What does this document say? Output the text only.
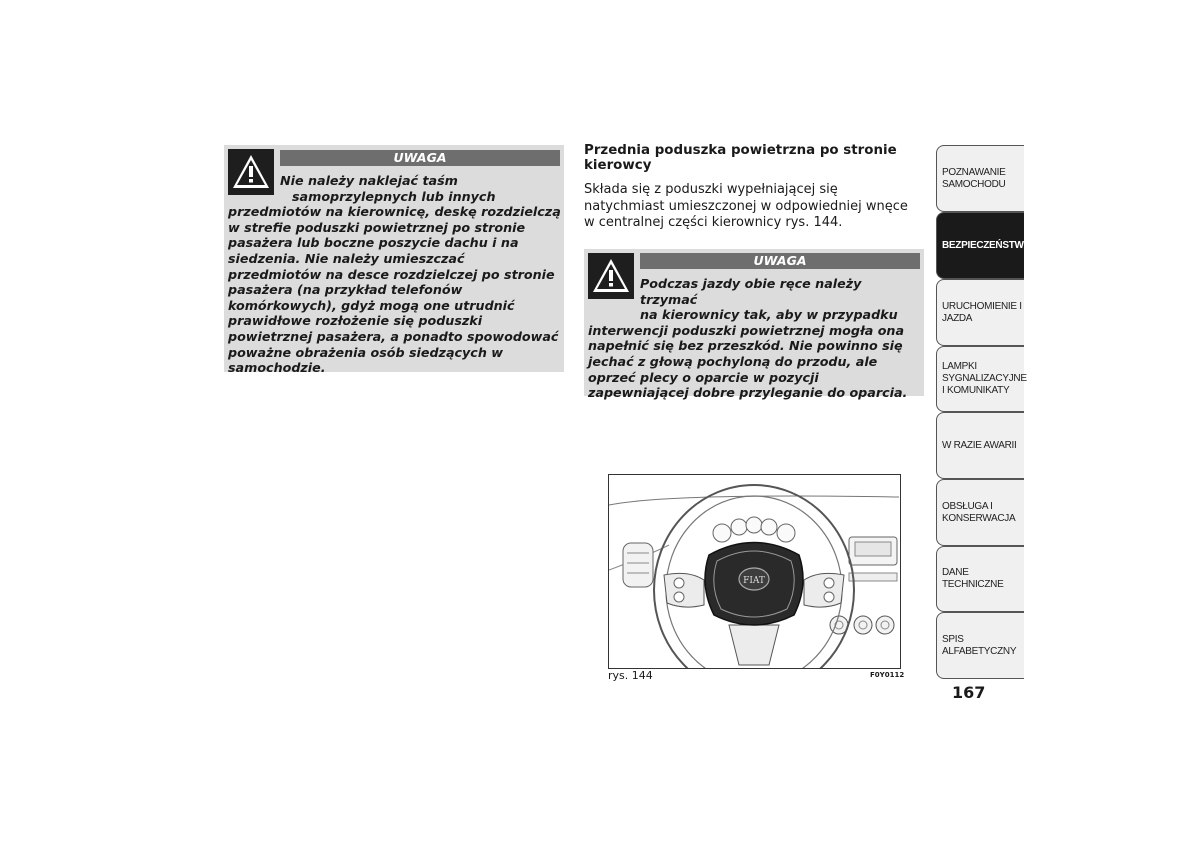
UWAGA
Nie należy naklejać taśm
samoprzylepnych lub innych
przedmiotów na kierownicę, deskę rozdzielczą w strefie poduszki powietrznej po stronie pasażera lub boczne poszycie dachu i na siedzenia. Nie należy umieszczać przedmiotów na desce rozdzielczej po stronie pasażera (na przykład telefonów komórkowych), gdyż mogą one utrudnić prawidłowe rozłożenie się poduszki powietrznej pasażera, a ponadto spowodować poważne obrażenia osób siedzących w samochodzie.
Przednia poduszka powietrzna po stronie kierowcy
Składa się z poduszki wypełniającej się natychmiast umieszczonej w odpowiedniej wnęce w centralnej części kierownicy rys. 144.
UWAGA
Podczas jazdy obie ręce należy trzymać
na kierownicy tak, aby w przypadku
interwencji poduszki powietrznej mogła ona napełnić się bez przeszkód. Nie powinno się jechać z głową pochyloną do przodu, ale oprzeć plecy o oparcie w pozycji zapewniającej dobre przyleganie do oparcia.
FIAT
rys. 144	F0Y0112
POZNAWANIE SAMOCHODU
BEZPIECZEŃSTWO
URUCHOMIENIE I JAZDA
LAMPKI SYGNALIZACYJNE I KOMUNIKATY
W RAZIE AWARII
OBSŁUGA I KONSERWACJA
DANE TECHNICZNE
SPIS ALFABETYCZNY
167
